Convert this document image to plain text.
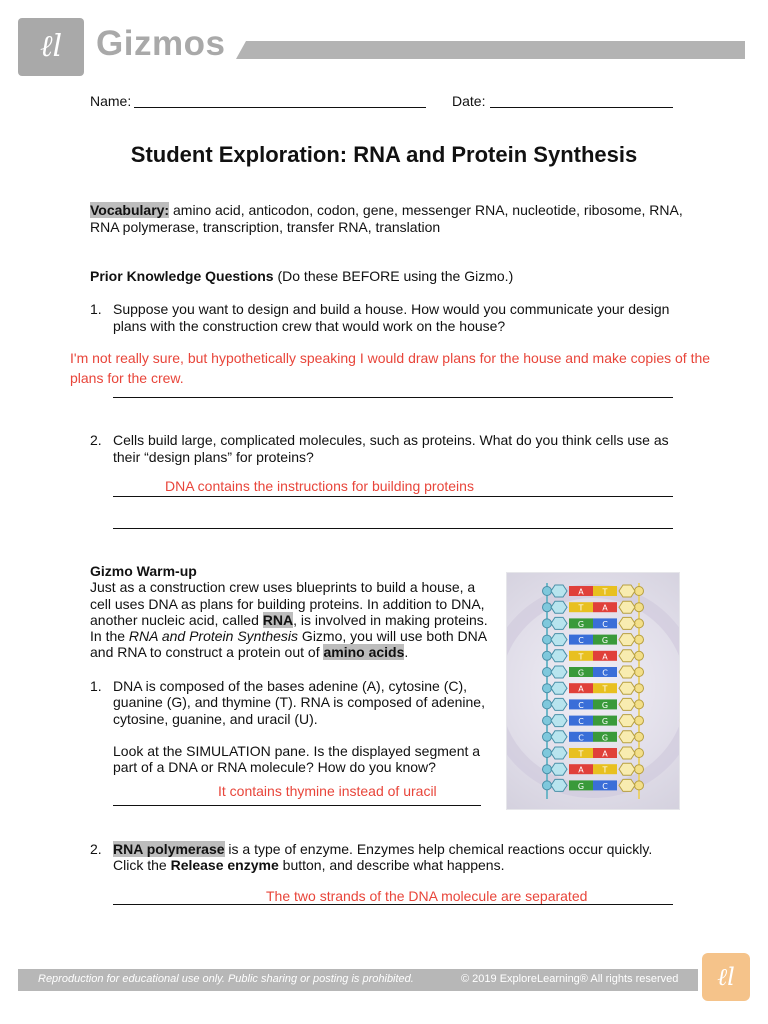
ℓl Gizmos
Name:	Date:
Student Exploration: RNA and Protein Synthesis
Vocabulary: amino acid, anticodon, codon, gene, messenger RNA, nucleotide, ribosome, RNA,
RNA polymerase, transcription, transfer RNA, translation
Prior Knowledge Questions (Do these BEFORE using the Gizmo.)
1. Suppose you want to design and build a house. How would you communicate your design
plans with the construction crew that would work on the house?
I'm not really sure, but hypothetically speaking I would draw plans for the house and make copies of the
plans for the crew.
2. Cells build large, complicated molecules, such as proteins. What do you think cells use as
their “design plans” for proteins?
DNA contains the instructions for building proteins
Gizmo Warm-up
Just as a construction crew uses blueprints to build a house, a
cell uses DNA as plans for building proteins. In addition to DNA,
another nucleic acid, called RNA, is involved in making proteins.
In the RNA and Protein Synthesis Gizmo, you will use both DNA
and RNA to construct a protein out of amino acids.
1. DNA is composed of the bases adenine (A), cytosine (C),
guanine (G), and thymine (T). RNA is composed of adenine,
cytosine, guanine, and uracil (U).
Look at the SIMULATION pane. Is the displayed segment a
part of a DNA or RNA molecule? How do you know?
It contains thymine instead of uracil
2. RNA polymerase is a type of enzyme. Enzymes help chemical reactions occur quickly.
Click the Release enzyme button, and describe what happens.
The two strands of the DNA molecule are separated
A T
T A
G C
C G
T A
G C
A T
C G
C G
C G
T A
A T
G C
Reproduction for educational use only. Public sharing or posting is prohibited.	© 2019 ExploreLearning® All rights reserved	ℓl
